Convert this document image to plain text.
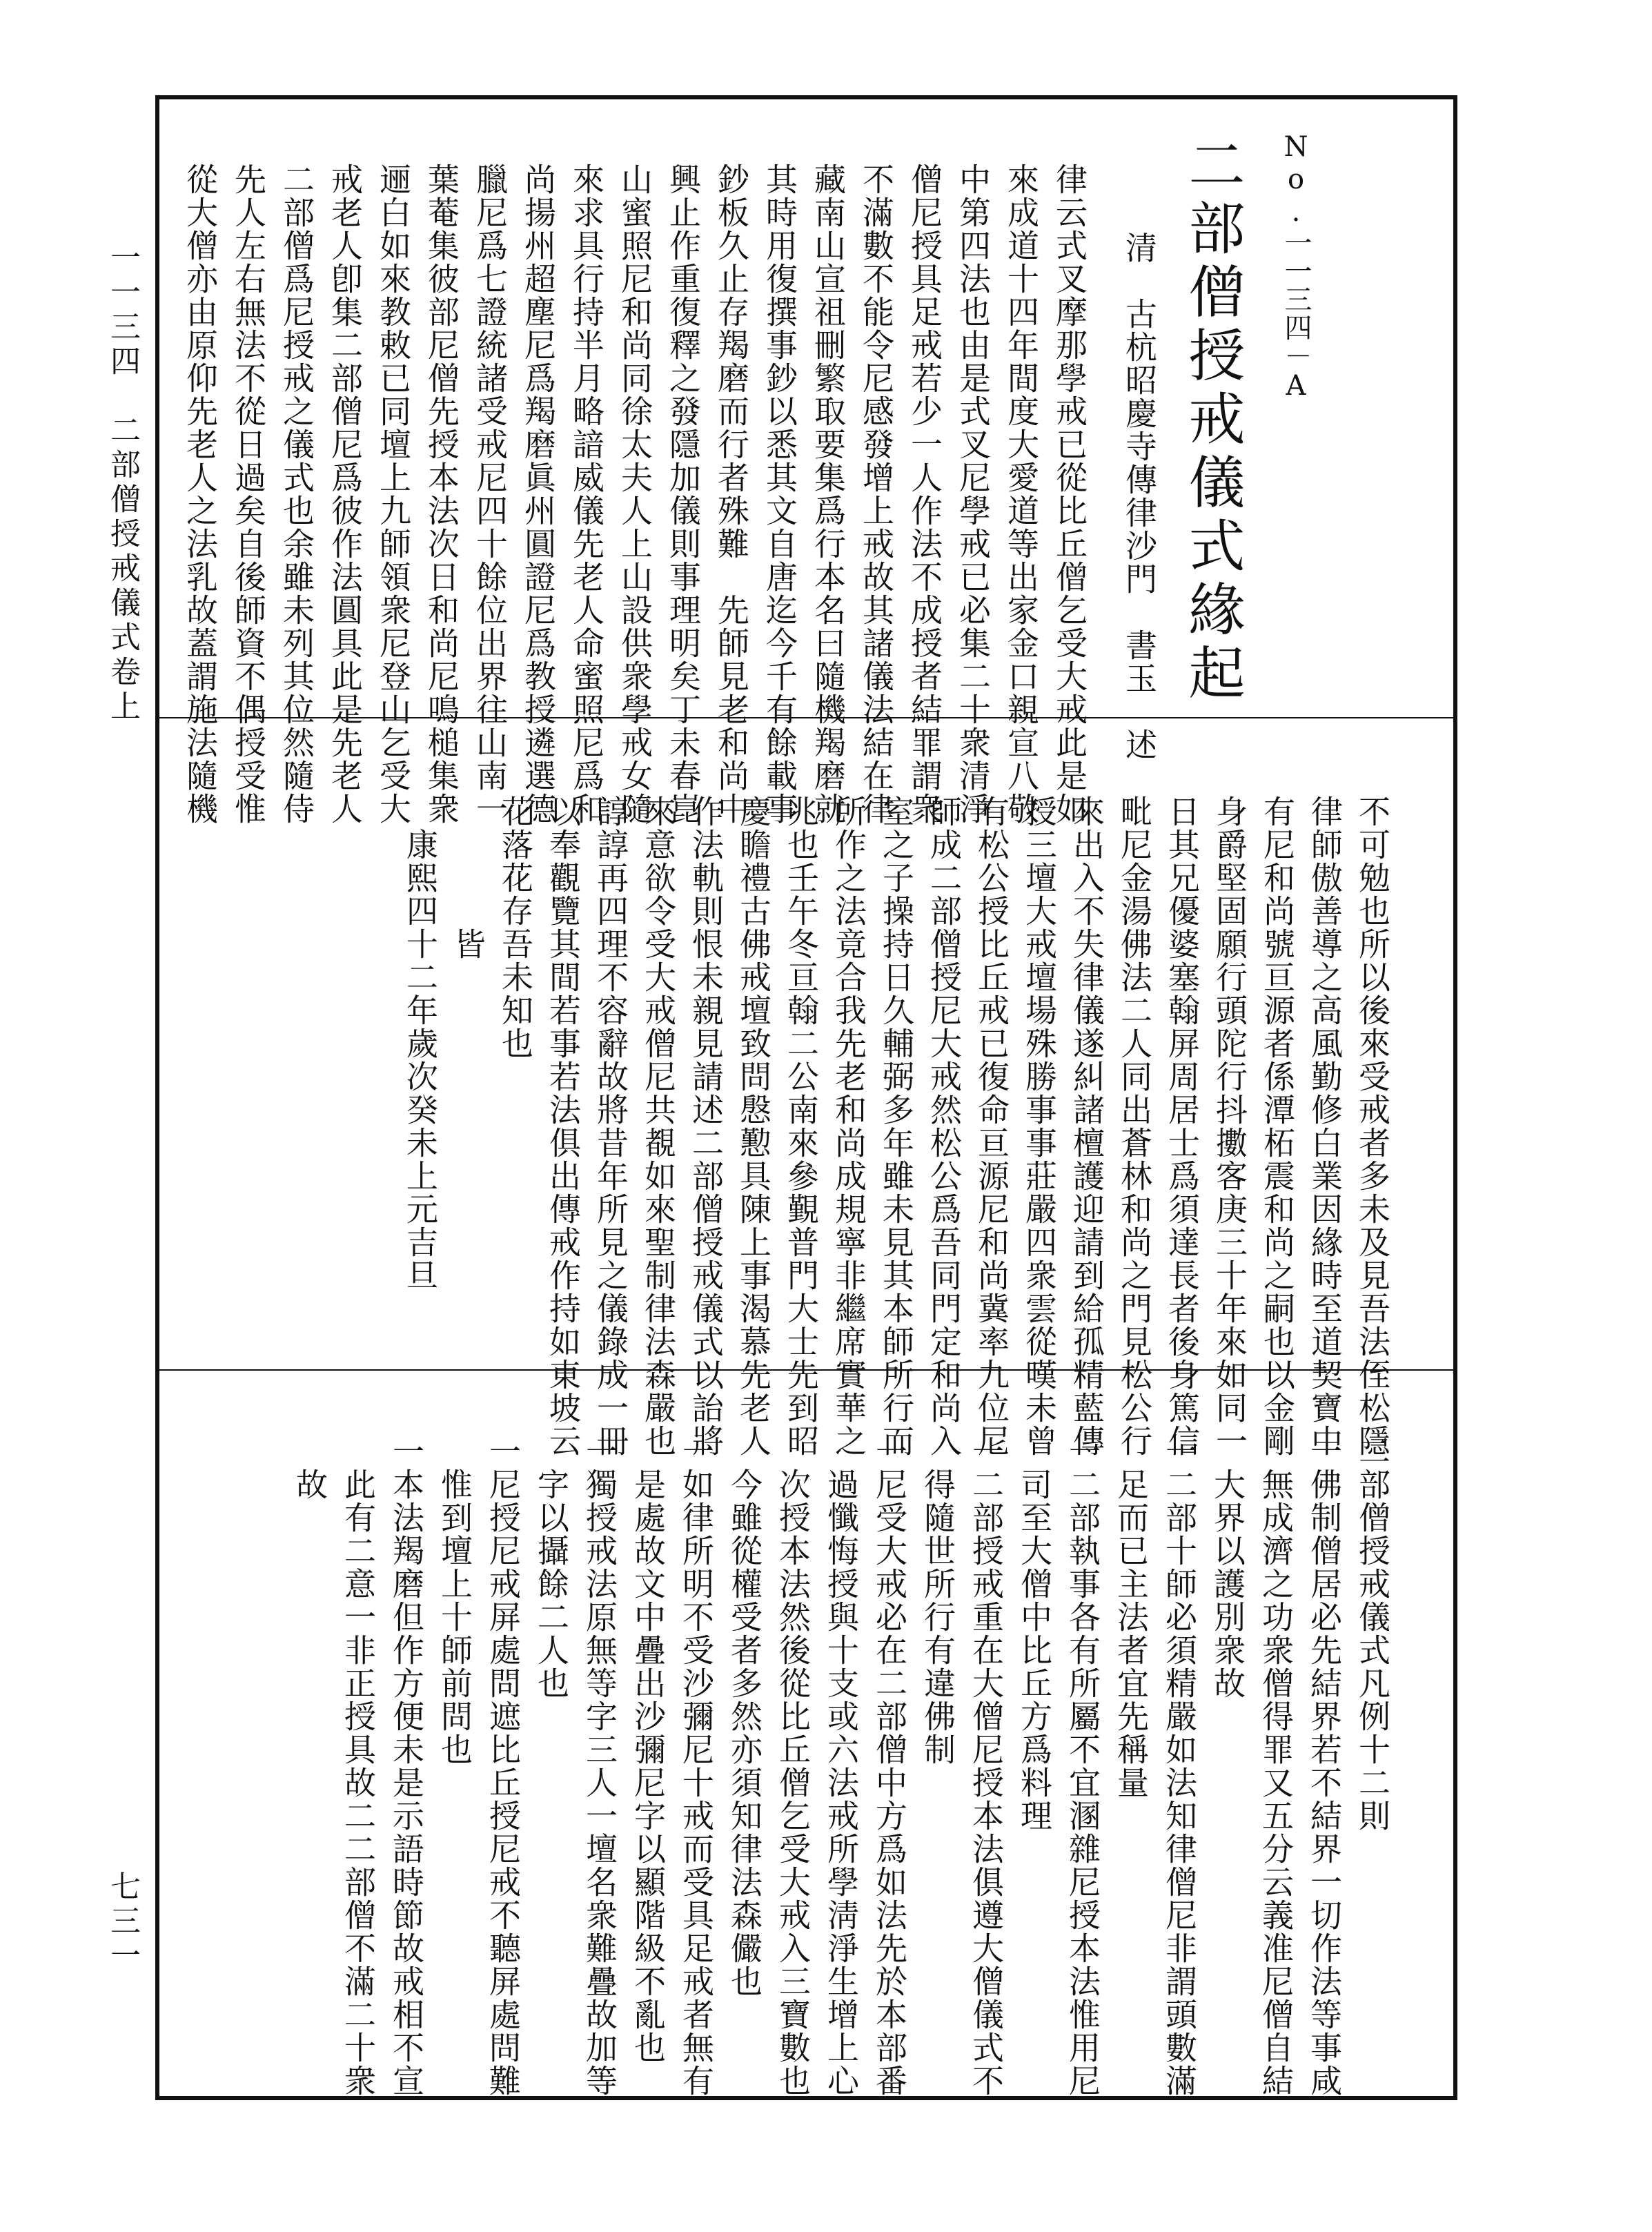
律云式叉摩那學戒已從比丘僧乞受大戒此是如
來成道十四年間度大愛道等出家金口親宣八敬
中第四法也由是式叉尼學戒已必集二十衆清淨
僧尼授具足戒若少一人作法不成授者結罪謂衆
不滿數不能令尼感發增上戒故其諸儀法結在律
藏南山宣祖刪繁取要集爲行本名曰隨機羯磨就
其時用復撰事鈔以悉其文自唐迄今千有餘載事
鈔板久止存羯磨而行者殊難　先師見老和尚中
興止作重復釋之發隱加儀則事理明矣丁未春崑
山蜜照尼和尚同徐太夫人上山設供衆學戒女隨
來求具行持半月略諳威儀先老人命蜜照尼爲和
尚揚州超塵尼爲羯磨眞州圓證尼爲教授遴選德
臘尼爲七證統諸受戒尼四十餘位出界往山南一
葉菴集彼部尼僧先授本法次日和尚尼鳴槌集衆
逦白如來教敕已同壇上九師領衆尼登山乞受大
戒老人卽集二部僧尼爲彼作法圓具此是先老人
二部僧爲尼授戒之儀式也余雖未列其位然隨侍
先人左右無法不從日過矣自後師資不偶授受惟
從大僧亦由原仰先老人之法乳故蓋謂施法隨機
不可勉也所以後來受戒者多未及見吾法侄松隱
律師傲善導之高風勤修白業因緣時至道契寶中
有尼和尚號亘源者係潭柘震和尚之嗣也以金剛
身爵堅固願行頭陀行抖擻客庚三十年來如同一
日其兄優婆塞翰屏周居士爲須達長者後身篤信
毗尼金湯佛法二人同出蒼林和尚之門見松公行
來出入不失律儀遂糾諸檀護迎請到給孤精藍傳
授三壇大戒壇場殊勝事事莊嚴四衆雲從嘆未曾
有松公授比丘戒已復命亘源尼和尚冀率九位尼
師成二部僧授尼大戒然松公爲吾同門定和尚入
室之子操持日久輔弼多年雖未見其本師所行而
所作之法竟合我先老和尚成規寧非繼席實華之
兆也壬午冬亘翰二公南來參覲普門大士先到昭
慶瞻禮古佛戒壇致問慇懃具陳上事渴慕先老人
作法軌則恨未親見請述二部僧授戒儀式以詒將
來意欲令受大戒僧尼共覩如來聖制律法森嚴也
諄諄再四理不容辭故將昔年所見之儀錄成一冊
以奉觀覽其間若事若法俱出傳戒作持如東坡云
花落花存吾未知也
　　　　皆
　康熙四十二年歲次癸未上元吉旦
二部僧授戒儀式凡例十二則
一佛制僧居必先結界若不結界一切作法等事咸
　無成濟之功衆僧得罪又五分云義准尼僧自結
　大界以護別衆故
一二部十師必須精嚴如法知律僧尼非謂頭數滿
　足而已主法者宜先稱量
一二部執事各有所屬不宜溷雜尼授本法惟用尼
　司至大僧中比丘方爲料理
一二部授戒重在大僧尼授本法俱遵大僧儀式不
　得隨世所行有違佛制
一尼受大戒必在二部僧中方爲如法先於本部番
　過懺悔授與十支或六法戒所學淸淨生增上心
　次授本法然後從比丘僧乞受大戒入三寶數也
　今雖從權受者多然亦須知律法森儼也
一如律所明不受沙彌尼十戒而受具足戒者無有
　是處故文中疊出沙彌尼字以顯階級不亂也
一獨授戒法原無等字三人一壇名衆難疊故加等
　字以攝餘二人也
一尼授尼戒屏處問遮比丘授尼戒不聽屏處問難
　惟到壇上十師前問也
一本法羯磨但作方便未是示語時節故戒相不宣
　此有二意一非正授具故二二部僧不滿二十衆
　故
No.一一三四－A
二部僧授戒儀式緣起
清　古杭昭慶寺傳律沙門　書玉　述
一一三四　二部僧授戒儀式卷上
七三一
